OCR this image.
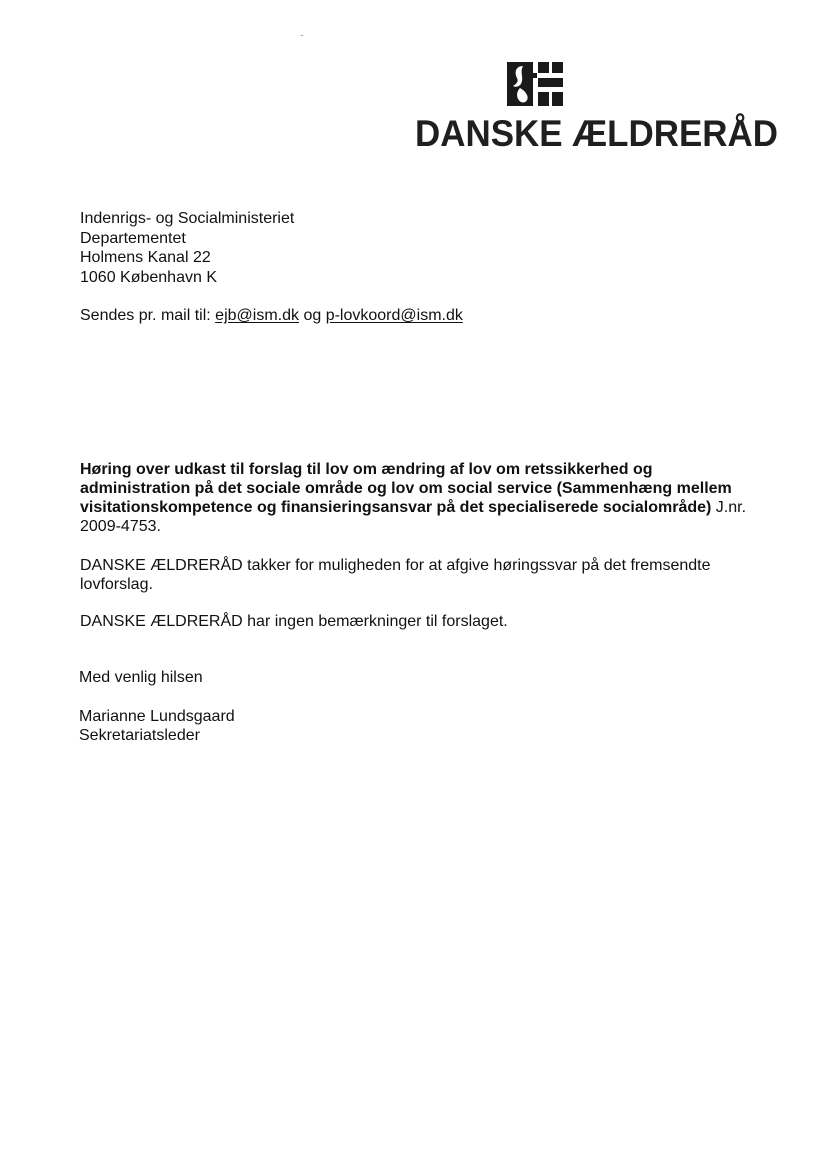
DANSKE ÆLDRERÅD
Indenrigs- og Socialministeriet
Departementet
Holmens Kanal 22
1060 København K
Sendes pr. mail til: ejb@ism.dk og p-lovkoord@ism.dk
Høring over udkast til forslag til lov om ændring af lov om retssikkerhed og administration på det sociale område og lov om social service (Sammenhæng mellem visitationskompetence og finansieringsansvar på det specialiserede socialområde) J.nr. 2009-4753.
DANSKE ÆLDRERÅD takker for muligheden for at afgive høringssvar på det fremsendte lovforslag.
DANSKE ÆLDRERÅD har ingen bemærkninger til forslaget.
Med venlig hilsen
Marianne Lundsgaard
Sekretariatsleder
